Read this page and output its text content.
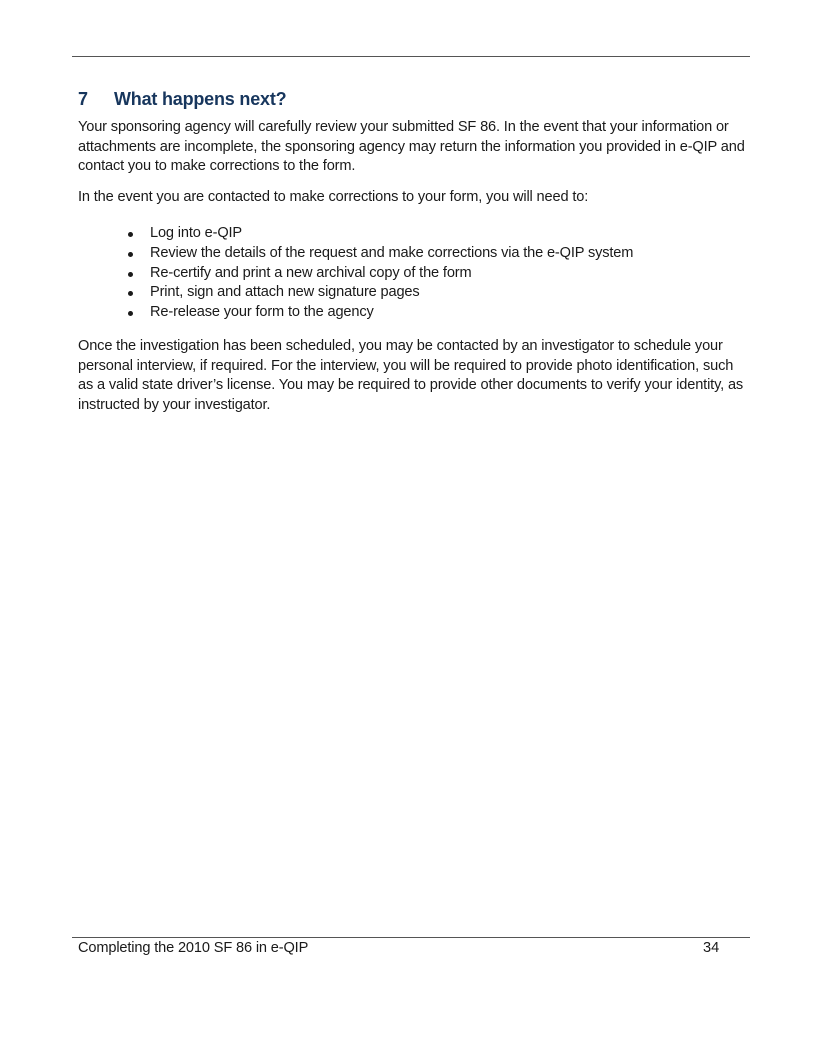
7 What happens next?
Your sponsoring agency will carefully review your submitted SF 86. In the event that your information or attachments are incomplete, the sponsoring agency may return the information you provided in e-QIP and contact you to make corrections to the form.
In the event you are contacted to make corrections to your form, you will need to:
Log into e-QIP
Review the details of the request and make corrections via the e-QIP system
Re-certify and print a new archival copy of the form
Print, sign and attach new signature pages
Re-release your form to the agency
Once the investigation has been scheduled, you may be contacted by an investigator to schedule your personal interview, if required. For the interview, you will be required to provide photo identification, such as a valid state driver’s license. You may be required to provide other documents to verify your identity, as instructed by your investigator.
Completing the 2010 SF 86 in e-QIP	34
